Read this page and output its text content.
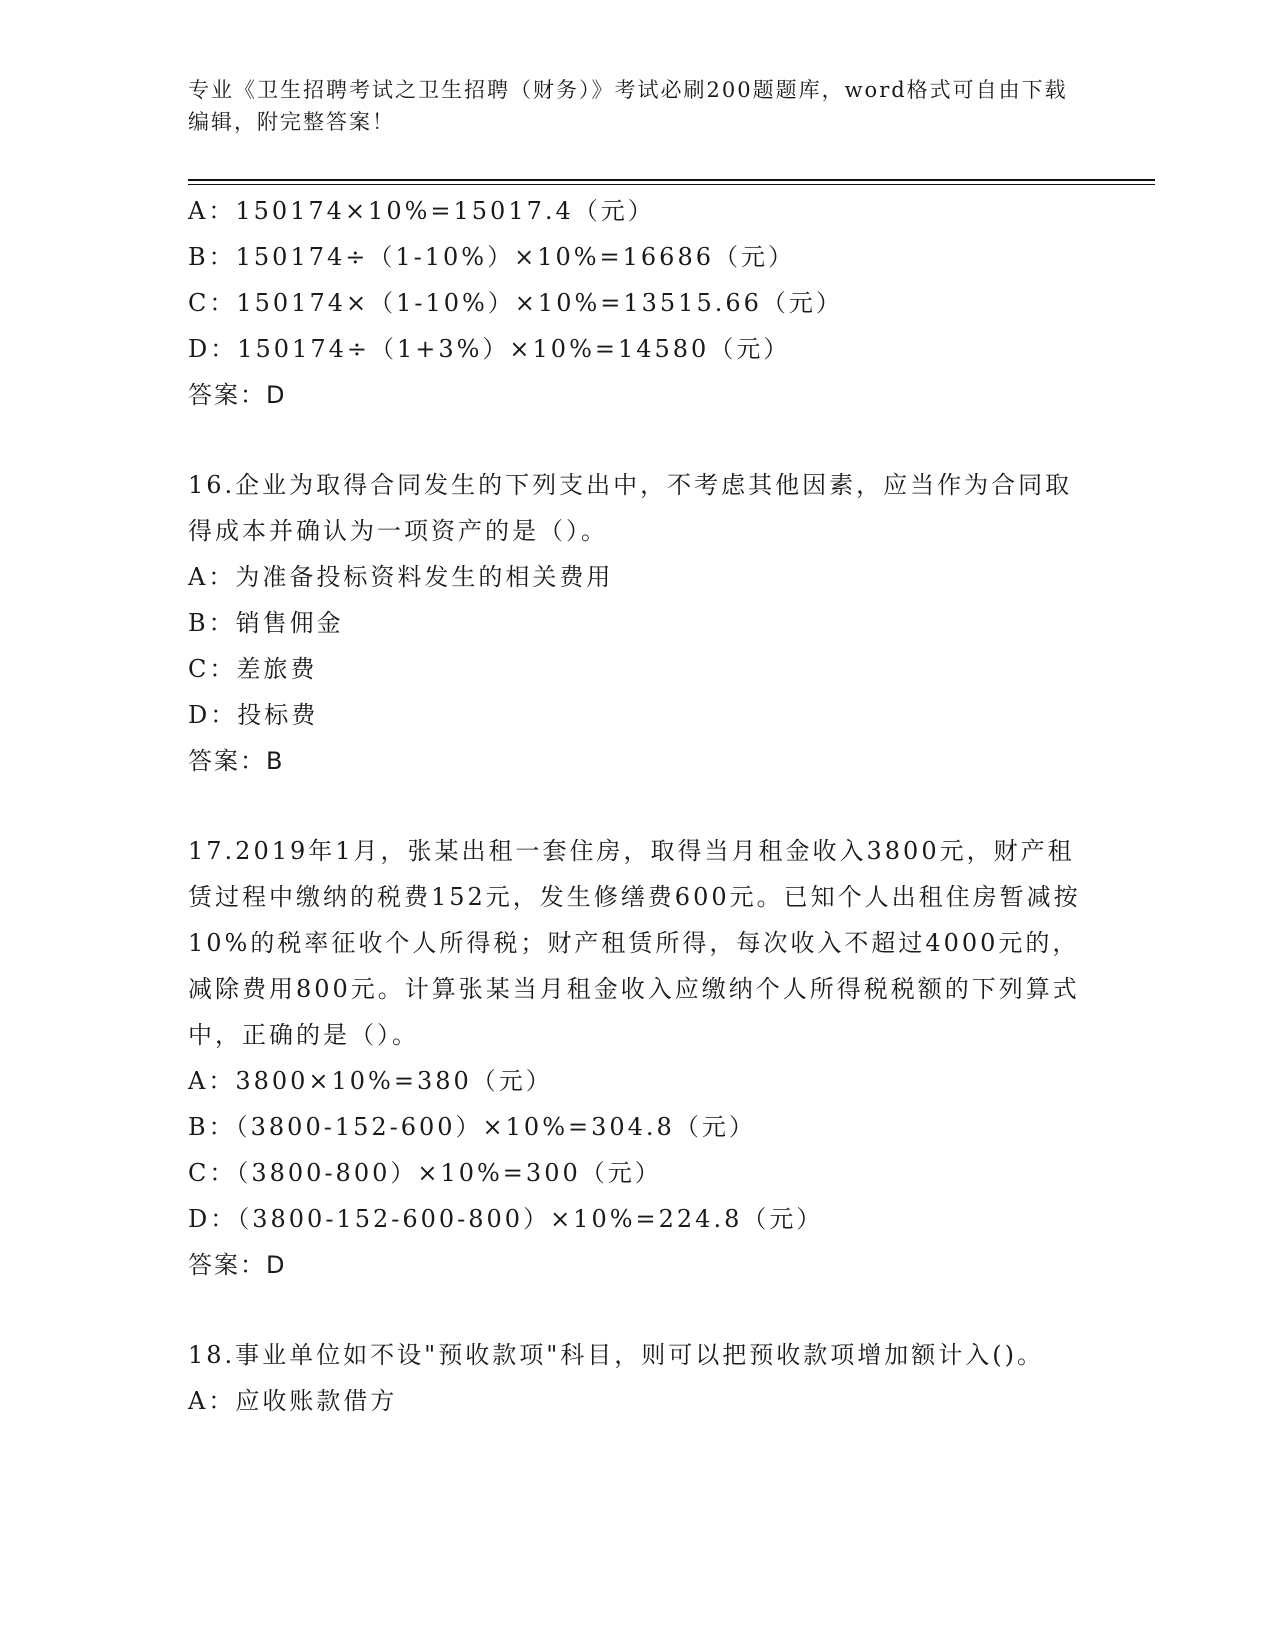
专业《卫生招聘考试之卫生招聘（财务）》考试必刷200题题库，word格式可自由下载编辑，附完整答案！
A：150174×10%=15017.4（元）
B：150174÷（1-10%）×10%=16686（元）
C：150174×（1-10%）×10%=13515.66（元）
D：150174÷（1+3%）×10%=14580（元）
答案：D
16.企业为取得合同发生的下列支出中，不考虑其他因素，应当作为合同取得成本并确认为一项资产的是（）。
A：为准备投标资料发生的相关费用
B：销售佣金
C：差旅费
D：投标费
答案：B
17.2019年1月，张某出租一套住房，取得当月租金收入3800元，财产租赁过程中缴纳的税费152元，发生修缮费600元。已知个人出租住房暂减按10%的税率征收个人所得税；财产租赁所得，每次收入不超过4000元的，减除费用800元。计算张某当月租金收入应缴纳个人所得税税额的下列算式中，正确的是（）。
A：3800×10%=380（元）
B：（3800-152-600）×10%=304.8（元）
C：（3800-800）×10%=300（元）
D：（3800-152-600-800）×10%=224.8（元）
答案：D
18.事业单位如不设"预收款项"科目，则可以把预收款项增加额计入()。
A：应收账款借方
